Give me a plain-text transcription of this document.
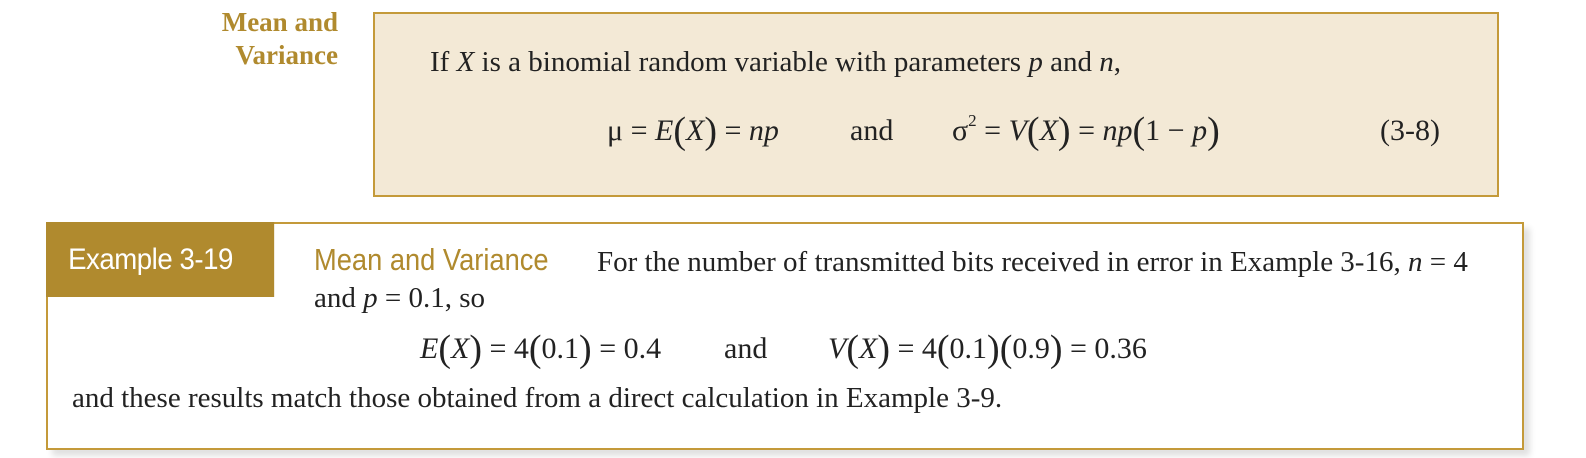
Mean and
Variance	If X is a binomial random variable with parameters p and n,
μ = E(X) = np and $\sigma^2 = V(X) = np(1 - p)$	(3-8)
Example 3-19	Mean and Variance For the number of transmitted bits received in error in Example 3-16, n = 4
and p = 0.1, so
E(X) = 4(0.1) = 0.4 and V(X) = 4(0.1)(0.9) = 0.36
and these results match those obtained from a direct calculation in Example 3-9.
